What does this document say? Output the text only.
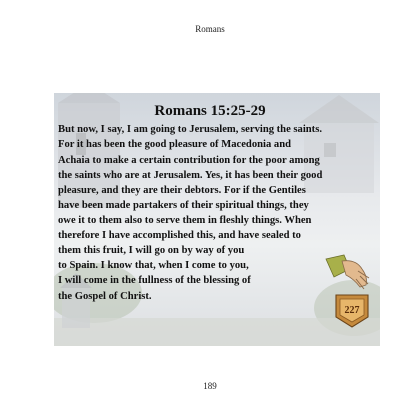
Romans
227
Romans 15:25-29
But now, I say, I am going to Jerusalem, serving the saints.
For it has been the good pleasure of Macedonia and
Achaia to make a certain contribution for the poor among
the saints who are at Jerusalem. Yes, it has been their good
pleasure, and they are their debtors. For if the Gentiles
have been made partakers of their spiritual things, they
owe it to them also to serve them in fleshly things. When
therefore I have accomplished this, and have sealed to
them this fruit, I will go on by way of you
to Spain. I know that, when I come to you,
I will come in the fullness of the blessing of
the Gospel of Christ.
189
